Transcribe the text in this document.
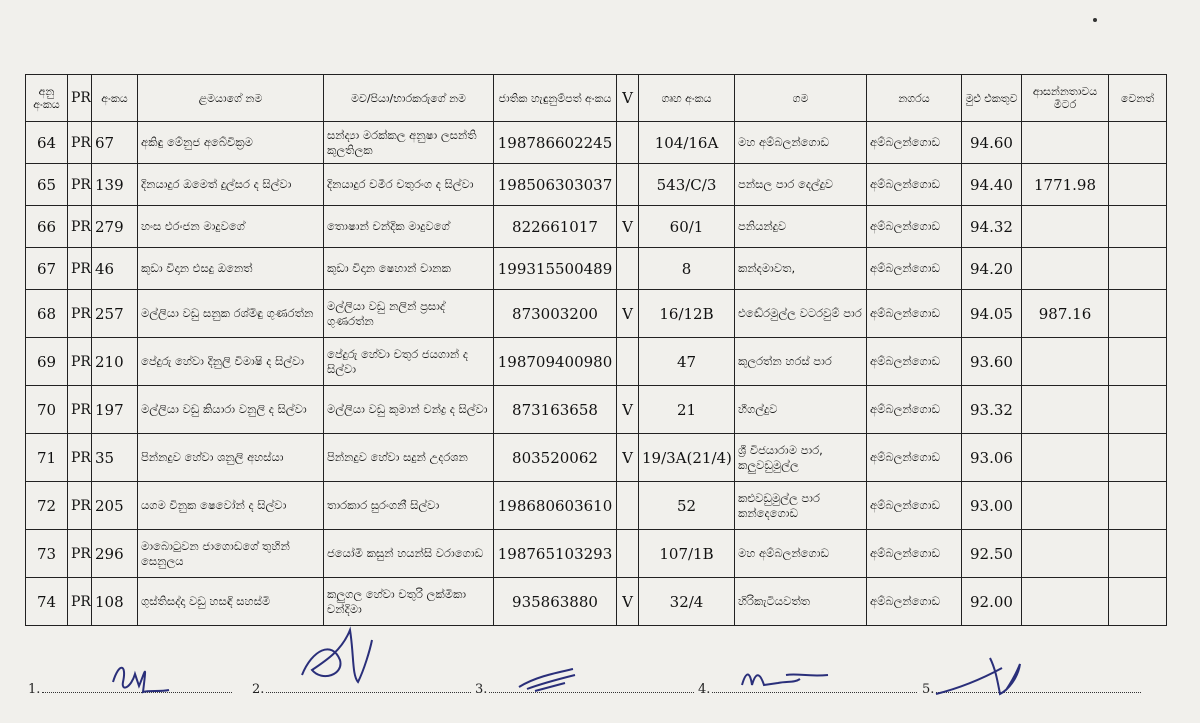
අනු අංකය	PR	අංකය	ළමයාගේ නම	මව/පියා/භාරකරුගේ නම	ජාතික හැඳුනුම්පත් අංකය	V	ගෘහ අංකය	ගම	නගරය	මුළු එකතුව	ආසන්නතාවය මීටර	වෙනත්
64	PR	67	අකිඳු මේනුජ අබේවික්‍රම	සන්ද්‍යා මරක්කල අනුෂා ලසන්ති කුලතිලක	19878660224​5		104/16A	මහ අම්බලන්ගොඩ	අම්බලන්ගොඩ	94.60		
65	PR	139	දිනයාදුර ඔමෙත් දුල්සර ද සිල්වා	දිනයාදුර චමීර චතුරංග ද සිල්වා	198506303037		543/C/3	පන්සල පාර දෙල්දුව	අම්බලන්ගොඩ	94.40	1771.98	
66	PR	279	හංස එරංජන මාදුවගේ	තොෂාන් චන්දික මාදුවගේ	822661017	V	60/1	පනියන්දුව	අම්බලන්ගොඩ	94.32		
67	PR	46	කුඩා විදාන එසදු ඔනෙත්	කුඩා විදාන ෂෙහාන් චානක	199315500489		8	කන්දමාවත,	අම්බලන්ගොඩ	94.20		
68	PR	257	මල්ලියා වඩු සනුක රශ්මිඳු ගුණරත්න	මල්ලියා වඩු නලින් ප්‍රසාද් ගුණරත්න	873003200	V	16/12B	එඬේරමුල්ල වටරවුම් පාර	අම්බලන්ගොඩ	94.05	987.16	
69	PR	210	පේදුරු හේවා දිනුලි විමාෂි ද සිල්වා	පේදුරු හේවා චතුර ජයගාන් ද සිල්වා	198709400980		47	කුලරත්න හරස් පාර	අම්බලන්ගොඩ	93.60		
70	PR	197	මල්ලියා වඩු කියාරා වනුලි ද සිල්වා	මල්ලියා වඩු කුමාන් චන්ද්‍ර ද සිල්වා	873163658	V	21	හීගල්දුව	අම්බලන්ගොඩ	93.32		
71	PR	35	පින්නදුව හේවා ශනුලි අහස්යා	පින්නදුව හේවා සදුන් උදරශන	803520062	V	19/3A(21/4)	ශ්‍රී විජයාරාම පාර, කලුවඩුමුල්ල	අම්බලන්ගොඩ	93.06		
72	PR	205	යගම විනුක ෂෙවෝන් ද සිල්වා	තාරකාර සුරංගනී සිල්වා	198680603610		52	කළුවඩුමුල්ල පාර කන්දෙගොඩ	අම්බලන්ගොඩ	93.00		
73	PR	296	මාබොටුවන ජාගොඩගේ තුහින් සෙනුලය	ජයෝමි කසුන් හයන්සි වරාගොඩ	198765103293		107/1B	මහ අම්බලන්ගොඩ	අම්බලන්ගොඩ	92.50		
74	PR	108	ගුස්තිසද්දා වඩු හසඳි සහස්මි	කලුගල හේවා චතුරි ලක්මිකා චන්දිමා	935863880	V	32/4	හිරිකැටියවත්ත	අම්බලන්ගොඩ	92.00		
1.	2.	3.	4.	5.
